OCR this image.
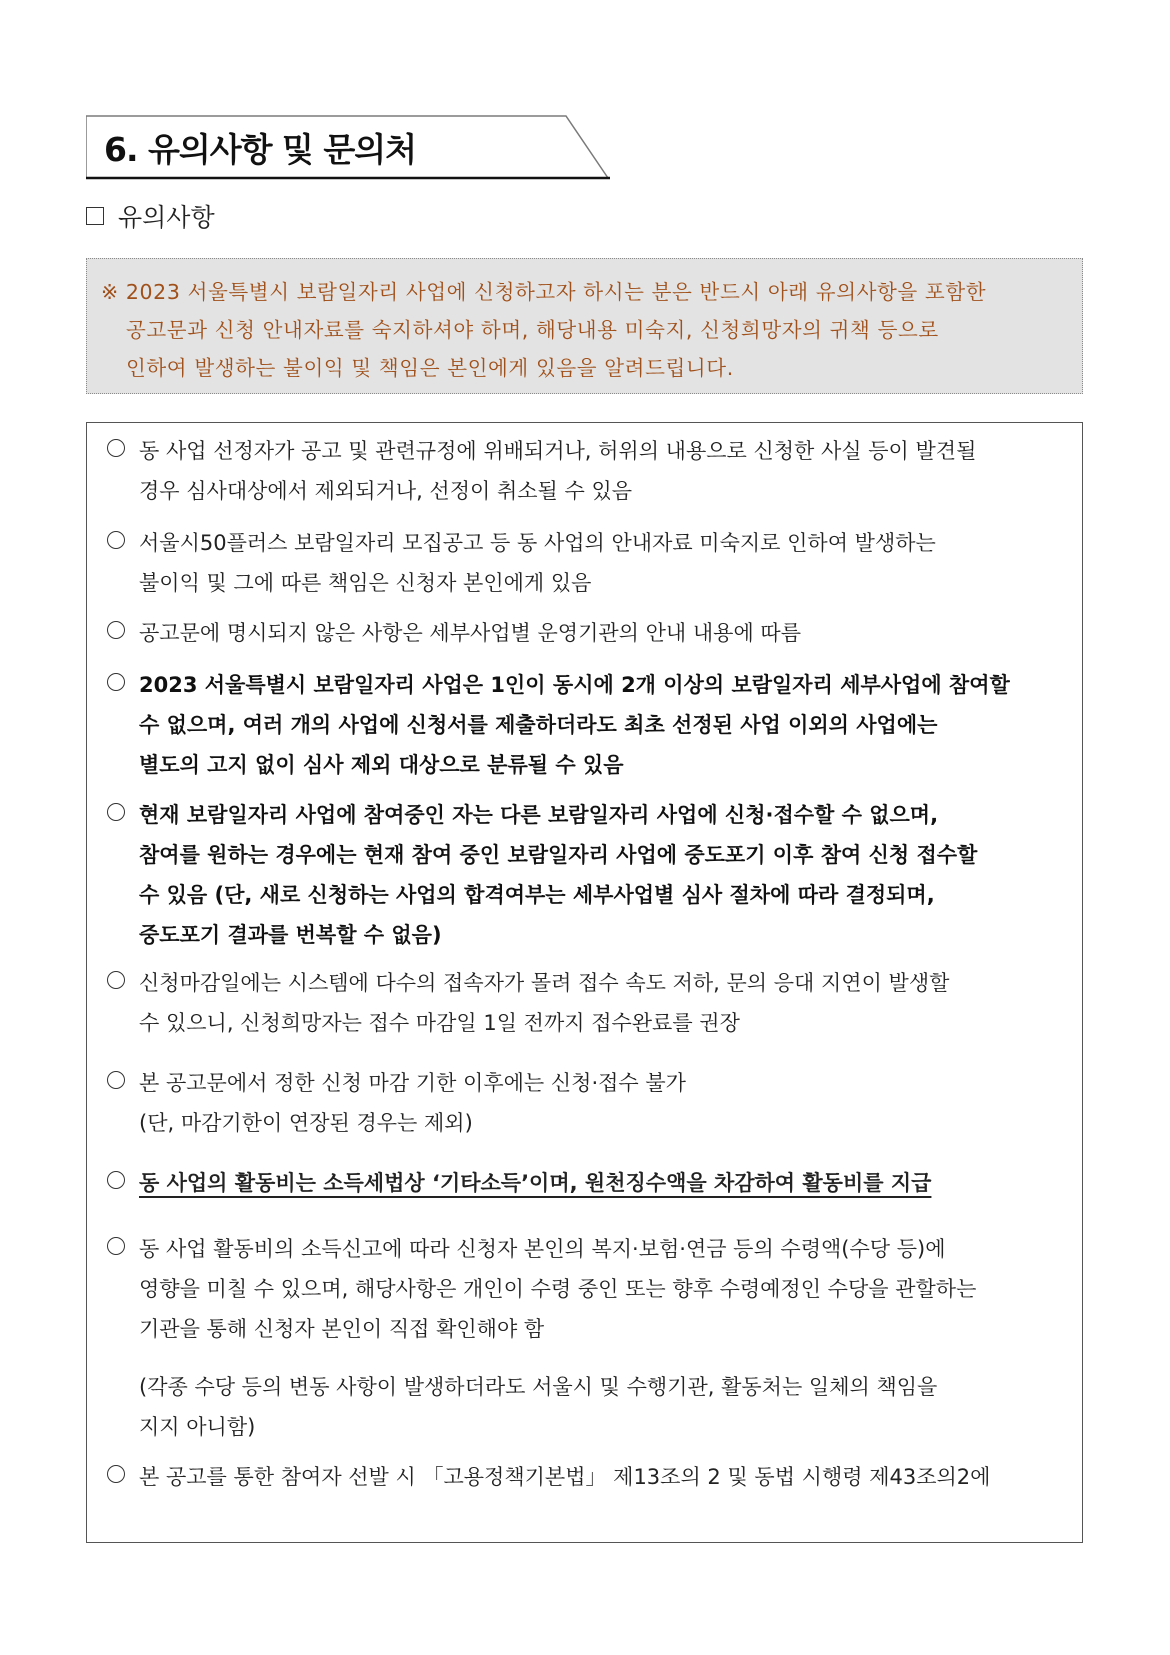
6. 유의사항 및 문의처
유의사항
※ 2023 서울특별시 보람일자리 사업에 신청하고자 하시는 분은 반드시 아래 유의사항을 포함한
공고문과 신청 안내자료를 숙지하셔야 하며, 해당내용 미숙지, 신청희망자의 귀책 등으로
인하여 발생하는 불이익 및 책임은 본인에게 있음을 알려드립니다.
동 사업 선정자가 공고 및 관련규정에 위배되거나, 허위의 내용으로 신청한 사실 등이 발견될
경우 심사대상에서 제외되거나, 선정이 취소될 수 있음
서울시50플러스 보람일자리 모집공고 등 동 사업의 안내자료 미숙지로 인하여 발생하는
불이익 및 그에 따른 책임은 신청자 본인에게 있음
공고문에 명시되지 않은 사항은 세부사업별 운영기관의 안내 내용에 따름
2023 서울특별시 보람일자리 사업은 1인이 동시에 2개 이상의 보람일자리 세부사업에 참여할
수 없으며, 여러 개의 사업에 신청서를 제출하더라도 최초 선정된 사업 이외의 사업에는
별도의 고지 없이 심사 제외 대상으로 분류될 수 있음
현재 보람일자리 사업에 참여중인 자는 다른 보람일자리 사업에 신청·접수할 수 없으며,
참여를 원하는 경우에는 현재 참여 중인 보람일자리 사업에 중도포기 이후 참여 신청 접수할
수 있음 (단, 새로 신청하는 사업의 합격여부는 세부사업별 심사 절차에 따라 결정되며,
중도포기 결과를 번복할 수 없음)
신청마감일에는 시스템에 다수의 접속자가 몰려 접수 속도 저하, 문의 응대 지연이 발생할
수 있으니, 신청희망자는 접수 마감일 1일 전까지 접수완료를 권장
본 공고문에서 정한 신청 마감 기한 이후에는 신청·접수 불가
(단, 마감기한이 연장된 경우는 제외)
동 사업의 활동비는 소득세법상 ‘기타소득’이며, 원천징수액을 차감하여 활동비를 지급
동 사업 활동비의 소득신고에 따라 신청자 본인의 복지·보험·연금 등의 수령액(수당 등)에
영향을 미칠 수 있으며, 해당사항은 개인이 수령 중인 또는 향후 수령예정인 수당을 관할하는
기관을 통해 신청자 본인이 직접 확인해야 함
(각종 수당 등의 변동 사항이 발생하더라도 서울시 및 수행기관, 활동처는 일체의 책임을
지지 아니함)
본 공고를 통한 참여자 선발 시 「고용정책기본법」 제13조의 2 및 동법 시행령 제43조의2에
